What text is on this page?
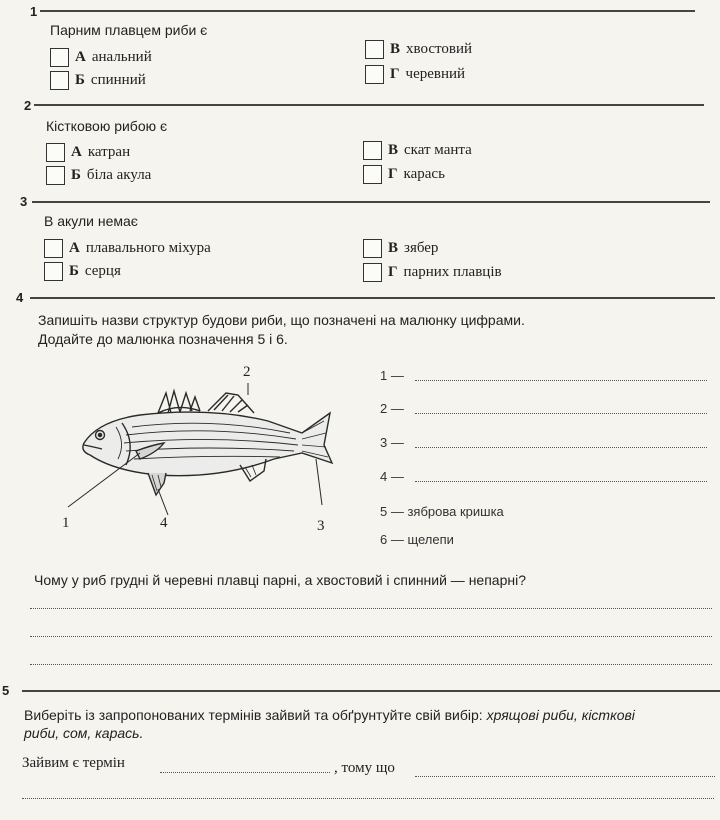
1
Парним плавцем риби є
А анальний
Б спинний
В хвостовий
Г черевний
2
Кістковою рибою є
А катран
Б біла акула
В скат манта
Г карась
3
В акули немає
А плавального міхура
Б серця
В зябер
Г парних плавців
4
Запишіть назви структур будови риби, що позначені на малюнку цифрами.
Додайте до малюнка позначення 5 і 6.
2
1	4	3
1 —
2 —
3 —
4 —
5 — зяброва кришка
6 — щелепи
Чому у риб грудні й черевні плавці парні, а хвостовий і спинний — непарні?
5
Виберіть із запропонованих термінів зайвий та обґрунтуйте свій вибір: хрящові риби, кісткові
риби, сом, карась.
Зайвим є термін	, тому що
